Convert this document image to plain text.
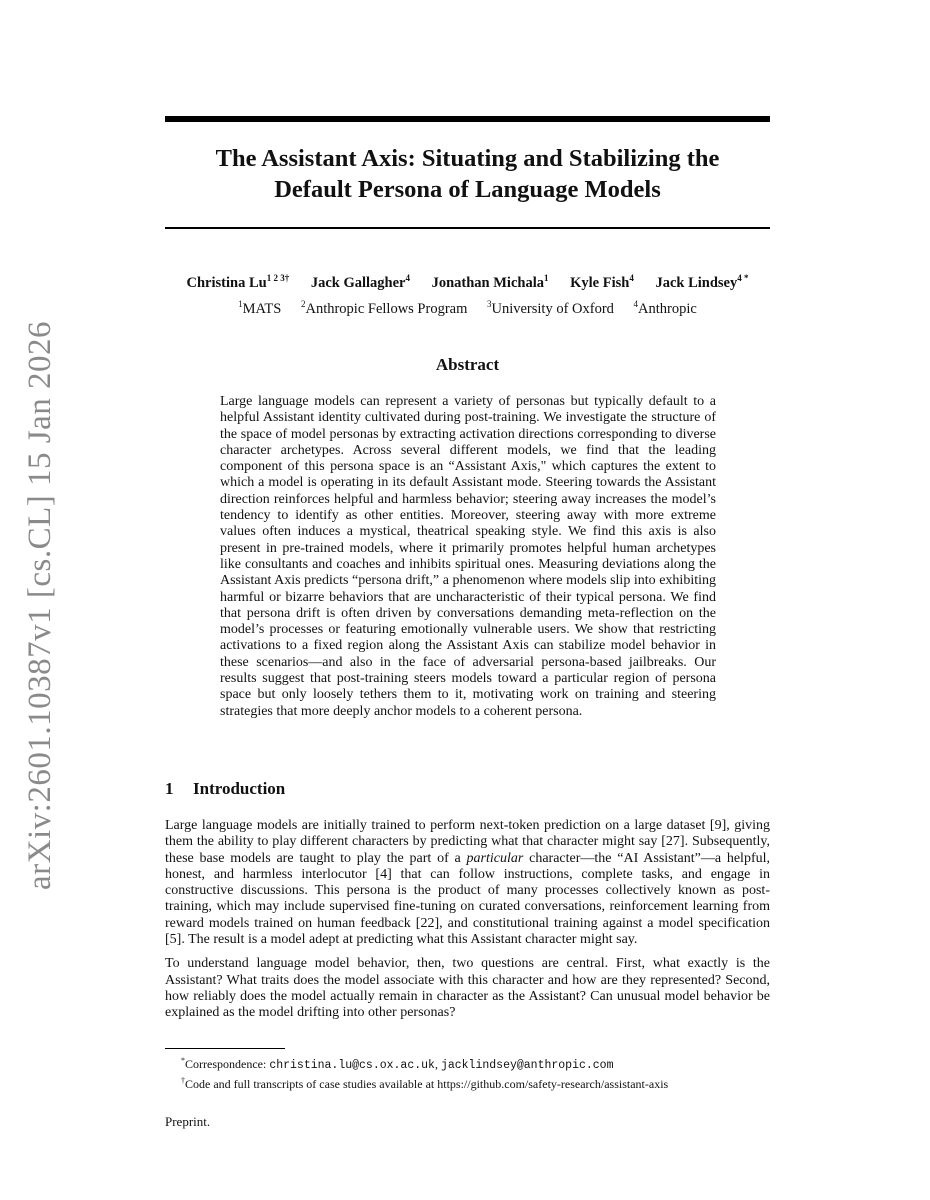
arXiv:2601.10387v1 [cs.CL] 15 Jan 2026
The Assistant Axis: Situating and Stabilizing the
Default Persona of Language Models
Christina $Lu^{1 2 3\dagger}$ Jack Gallagher$^4$ Jonathan Michala$^1$ Kyle Fish$^4$ Jack Lindsey$^{4 *}$
$^1$MATS $^2$Anthropic Fellows Program $^3$University of Oxford $^4$Anthropic
Abstract

Large language models can represent a variety of personas but typically default to a helpful Assistant identity cultivated during post-training. We investigate the structure of the space of model personas by extracting activation directions corresponding to diverse character archetypes. Across several different models, we find that the leading component of this persona space is an “Assistant Axis," which captures the extent to which a model is operating in its default Assistant mode. Steering towards the Assistant direction reinforces helpful and harmless behavior; steering away increases the model’s tendency to identify as other entities. Moreover, steering away with more extreme values often induces a mystical, theatrical speaking style. We find this axis is also present in pre-trained models, where it primarily promotes helpful human archetypes like consultants and coaches and inhibits spiritual ones. Measuring deviations along the Assistant Axis predicts “persona drift,” a phenomenon where models slip into exhibiting harmful or bizarre behaviors that are uncharacteristic of their typical persona. We find that persona drift is often driven by conversations demanding meta-reflection on the model’s processes or featuring emotionally vulnerable users. We show that restricting activations to a fixed region along the Assistant Axis can stabilize model behavior in these scenarios—and also in the face of adversarial persona-based jailbreaks. Our results suggest that post-training steers models toward a particular region of persona space but only loosely tethers them to it, motivating work on training and steering strategies that more deeply anchor models to a coherent persona.

1 Introduction

Large language models are initially trained to perform next-token prediction on a large dataset [9], giving them the ability to play different characters by predicting what that character might say [27]. Subsequently, these base models are taught to play the part of a particular character—the “AI Assistant”—a helpful, honest, and harmless interlocutor [4] that can follow instructions, complete tasks, and engage in constructive discussions. This persona is the product of many processes collectively known as post-training, which may include supervised fine-tuning on curated conversations, reinforcement learning from reward models trained on human feedback [22], and constitutional training against a model specification [5]. The result is a model adept at predicting what this Assistant character might say.

To understand language model behavior, then, two questions are central. First, what exactly is the Assistant? What traits does the model associate with this character and how are they represented? Second, how reliably does the model actually remain in character as the Assistant? Can unusual model behavior be explained as the model drifting into other personas?

*Correspondence: christina.lu@cs.ox.ac.uk, jacklindsey@anthropic.com
†Code and full transcripts of case studies available at https://github.com/safety-research/assistant-axis
Preprint.
